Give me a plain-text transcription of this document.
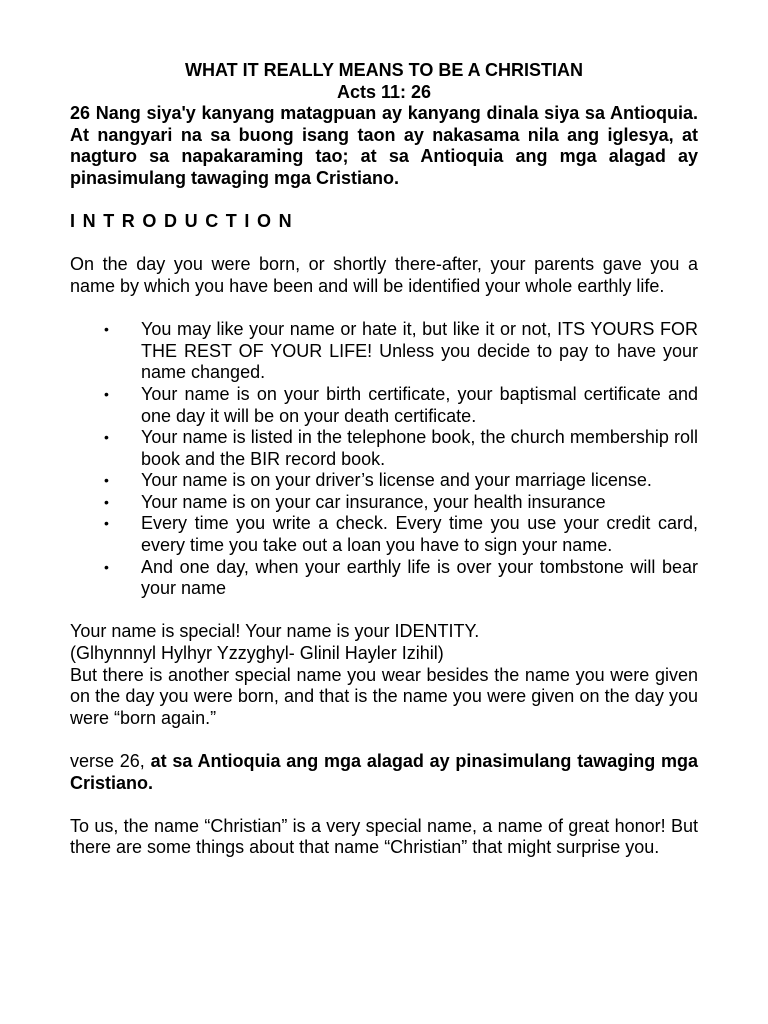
WHAT IT REALLY MEANS TO BE A CHRISTIAN

Acts 11: 26

26 Nang siya'y kanyang matagpuan ay kanyang dinala siya sa Antioquia. At nangyari na sa buong isang taon ay nakasama nila ang iglesya, at nagturo sa napakaraming tao; at sa Antioquia ang mga alagad ay pinasimulang tawaging mga Cristiano.

INTRODUCTION

On the day you were born, or shortly there-after, your parents gave you a name by which you have been and will be identified your whole earthly life.

• You may like your name or hate it, but like it or not, ITS YOURS FOR THE REST OF YOUR LIFE! Unless you decide to pay to have your name changed.
• Your name is on your birth certificate, your baptismal certificate and one day it will be on your death certificate.
• Your name is listed in the telephone book, the church membership roll book and the BIR record book.
• Your name is on your driver’s license and your marriage license.
• Your name is on your car insurance, your health insurance
• Every time you write a check. Every time you use your credit card, every time you take out a loan you have to sign your name.
• And one day, when your earthly life is over your tombstone will bear your name

Your name is special! Your name is your IDENTITY.

(Glhynnnyl Hylhyr Yzzyghyl- Glinil Hayler Izihil)

But there is another special name you wear besides the name you were given on the day you were born, and that is the name you were given on the day you were “born again.”

verse 26, at sa Antioquia ang mga alagad ay pinasimulang tawaging mga Cristiano.

To us, the name “Christian” is a very special name, a name of great honor! But there are some things about that name “Christian” that might surprise you.
